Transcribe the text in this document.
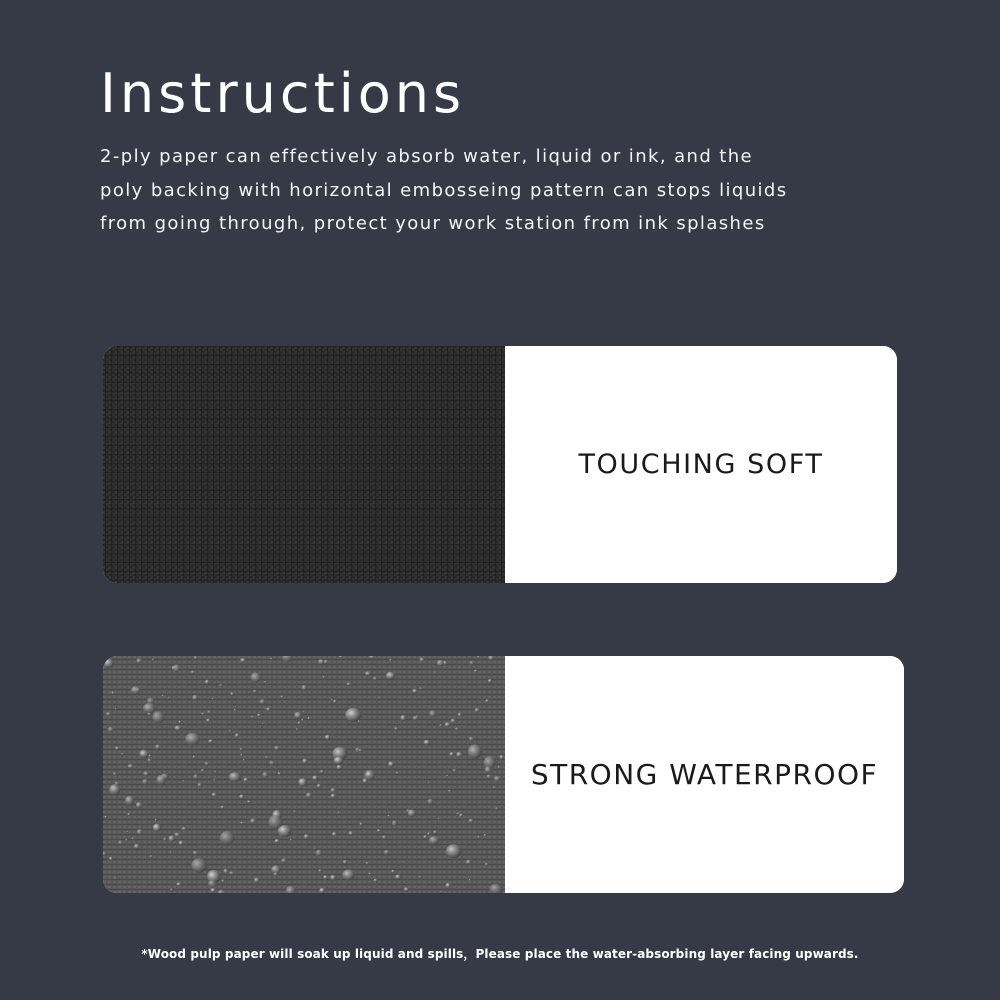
Instructions

2-ply paper can effectively absorb water, liquid or ink, and the poly backing with horizontal embosseing pattern can stops liquids from going through, protect your work station from ink splashes

TOUCHING SOFT
STRONG WATERPROOF
*Wood pulp paper will soak up liquid and spills，Please place the water-absorbing layer facing upwards.
